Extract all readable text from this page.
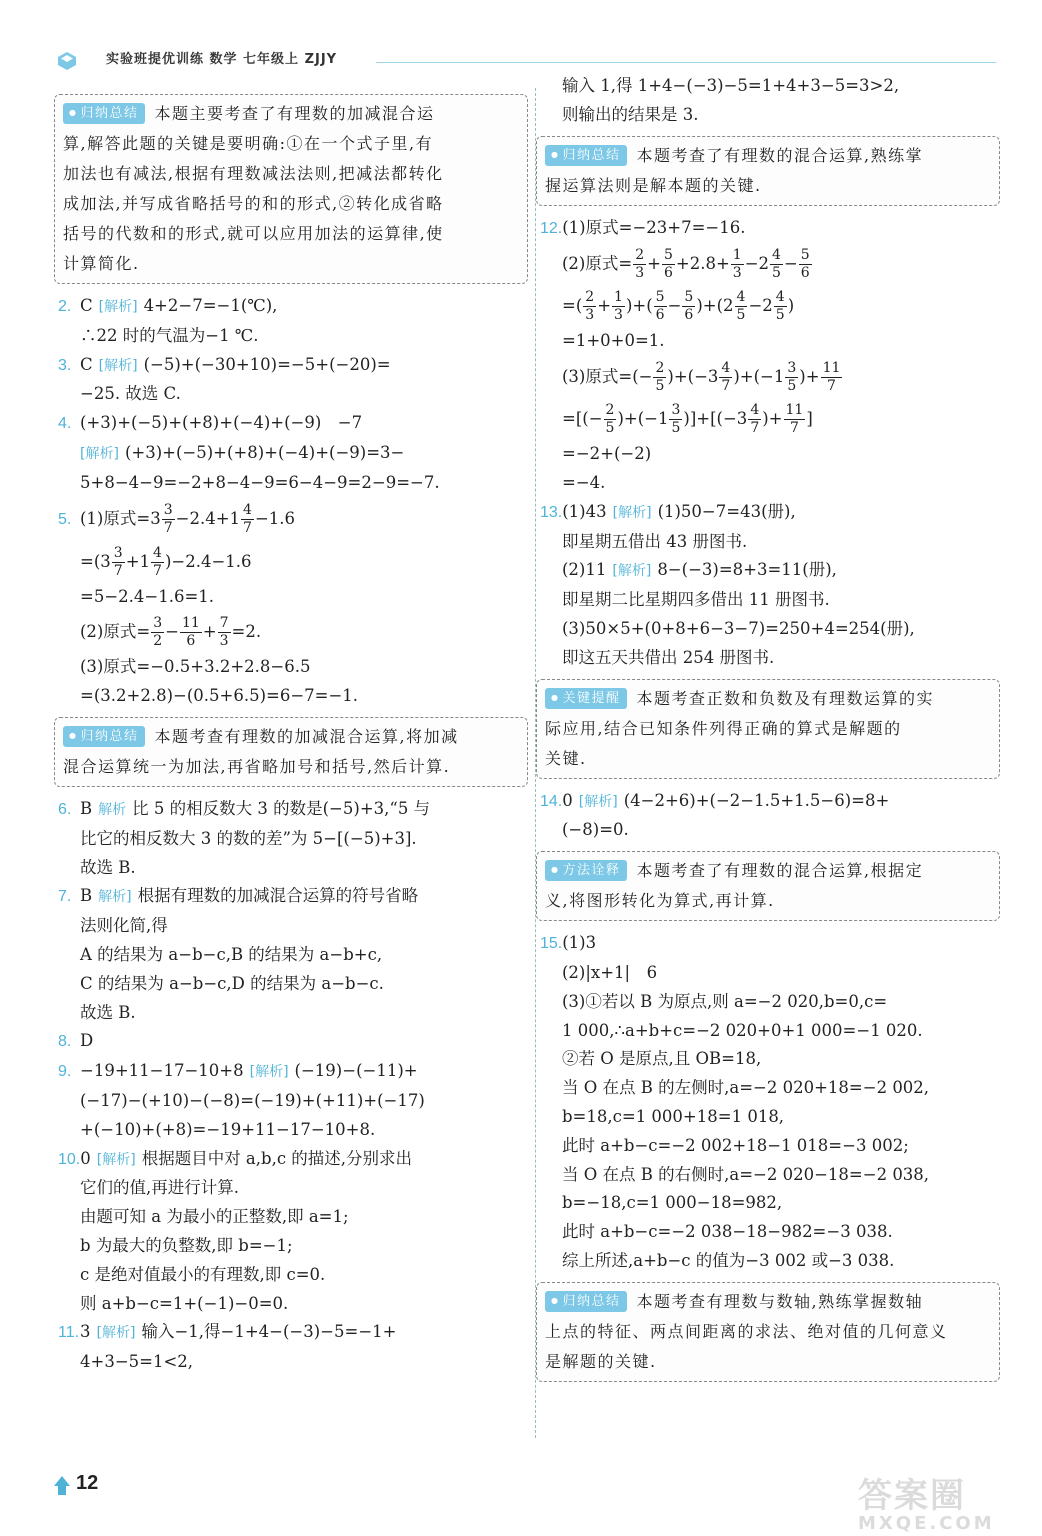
实验班提优训练 数学 七年级上 ZJJY
● 归纳总结 本题主要考查了有理数的加减混合运
算,解答此题的关键是要明确:①在一个式子里,有
加法也有减法,根据有理数减法法则,把减法都转化
成加法,并写成省略括号的和的形式,②转化成省略
括号的代数和的形式,就可以应用加法的运算律,使
计算简化.
2. C [解析] 4+2−7=−1(℃),
∴22 时的气温为−1 ℃.
3. C [解析] (−5)+(−30+10)=−5+(−20)=
−25. 故选 C.
4. (+3)+(−5)+(+8)+(−4)+(−9)　−7
[解析] (+3)+(−5)+(+8)+(−4)+(−9)=3−
5+8−4−9=−2+8−4−9=6−4−9=2−9=−7.
5. (1)原式$=3 \frac{3}{7} -2.4+1 \frac{4}{7} -1.6$
$=(3 \frac{3}{7} +1 \frac{4}{7} )-2.4-1.6$
=5−2.4−1.6=1.
(2)原式= $\frac{3}{2} - \frac{11}{6} + \frac{7}{3} =2$.
(3)原式=−0.5+3.2+2.8−6.5
=(3.2+2.8)−(0.5+6.5)=6−7=−1.
● 归纳总结 本题考查有理数的加减混合运算,将加减
混合运算统一为加法,再省略加号和括号,然后计算.
6. B 解析 比 5 的相反数大 3 的数是(−5)+3,“5 与
比它的相反数大 3 的数的差”为 5−[(−5)+3].
故选 B.
7. B 解析] 根据有理数的加减混合运算的符号省略
法则化简,得
A 的结果为 a−b−c,B 的结果为 a−b+c,
C 的结果为 a−b−c,D 的结果为 a−b−c.
故选 B.
8. D
9. −19+11−17−10+8 [解析] (−19)−(−11)+
(−17)−(+10)−(−8)=(−19)+(+11)+(−17)
+(−10)+(+8)=−19+11−17−10+8.
10.0 [解析] 根据题目中对 a,b,c 的描述,分别求出
它们的值,再进行计算.
由题可知 a 为最小的正整数,即 a=1;
b 为最大的负整数,即 b=−1;
c 是绝对值最小的有理数,即 c=0.
则 a+b−c=1+(−1)−0=0.
11.3 [解析] 输入−1,得−1+4−(−3)−5=−1+
4+3−5=1<2,
输入 1,得 1+4−(−3)−5=1+4+3−5=3>2,
则输出的结果是 3.
● 归纳总结 本题考查了有理数的混合运算,熟练掌
握运算法则是解本题的关键.
12.(1)原式=−23+7=−16.
(2)原式= $\frac{2}{3} + \frac{5}{6} +2.8+ \frac{1}{3} -2 \frac{4}{5} - \frac{5}{6}$
=( $\frac{2}{3} + \frac{1}{3}$ )+( $\frac{5}{6} - \frac{5}{6} )+(2 \frac{4}{5} -2 \frac{4}{5}$ )
=1+0+0=1.
(3)原式=(− $\frac{2}{5} )+(-3 \frac{4}{7} )+(-1 \frac{3}{5}$ )+ $\frac{11}{7}$
=[(− $\frac{2}{5} )+(-1 \frac{3}{5} )]+[(-3 \frac{4}{7}$ )+ $\frac{11}{7}$ ]
=−2+(−2)
=−4.
13.(1)43 [解析] (1)50−7=43(册),
即星期五借出 43 册图书.
(2)11 [解析] 8−(−3)=8+3=11(册),
即星期二比星期四多借出 11 册图书.
(3)50×5+(0+8+6−3−7)=250+4=254(册),
即这五天共借出 254 册图书.
● 关键提醒 本题考查正数和负数及有理数运算的实
际应用,结合已知条件列得正确的算式是解题的
关键.
14.0 [解析] (4−2+6)+(−2−1.5+1.5−6)=8+
(−8)=0.
● 方法诠释 本题考查了有理数的混合运算,根据定
义,将图形转化为算式,再计算.
15.(1)3
(2)|x+1|　6
(3)①若以 B 为原点,则 a=−2 020,b=0,c=
1 000,∴a+b+c=−2 020+0+1 000=−1 020.
②若 O 是原点,且 OB=18,
当 O 在点 B 的左侧时,a=−2 020+18=−2 002,
b=18,c=1 000+18=1 018,
此时 a+b−c=−2 002+18−1 018=−3 002;
当 O 在点 B 的右侧时,a=−2 020−18=−2 038,
b=−18,c=1 000−18=982,
此时 a+b−c=−2 038−18−982=−3 038.
综上所述,a+b−c 的值为−3 002 或−3 038.
● 归纳总结 本题考查有理数与数轴,熟练掌握数轴
上点的特征、两点间距离的求法、绝对值的几何意义
是解题的关键.
12	答案圈
MXQE.COM
